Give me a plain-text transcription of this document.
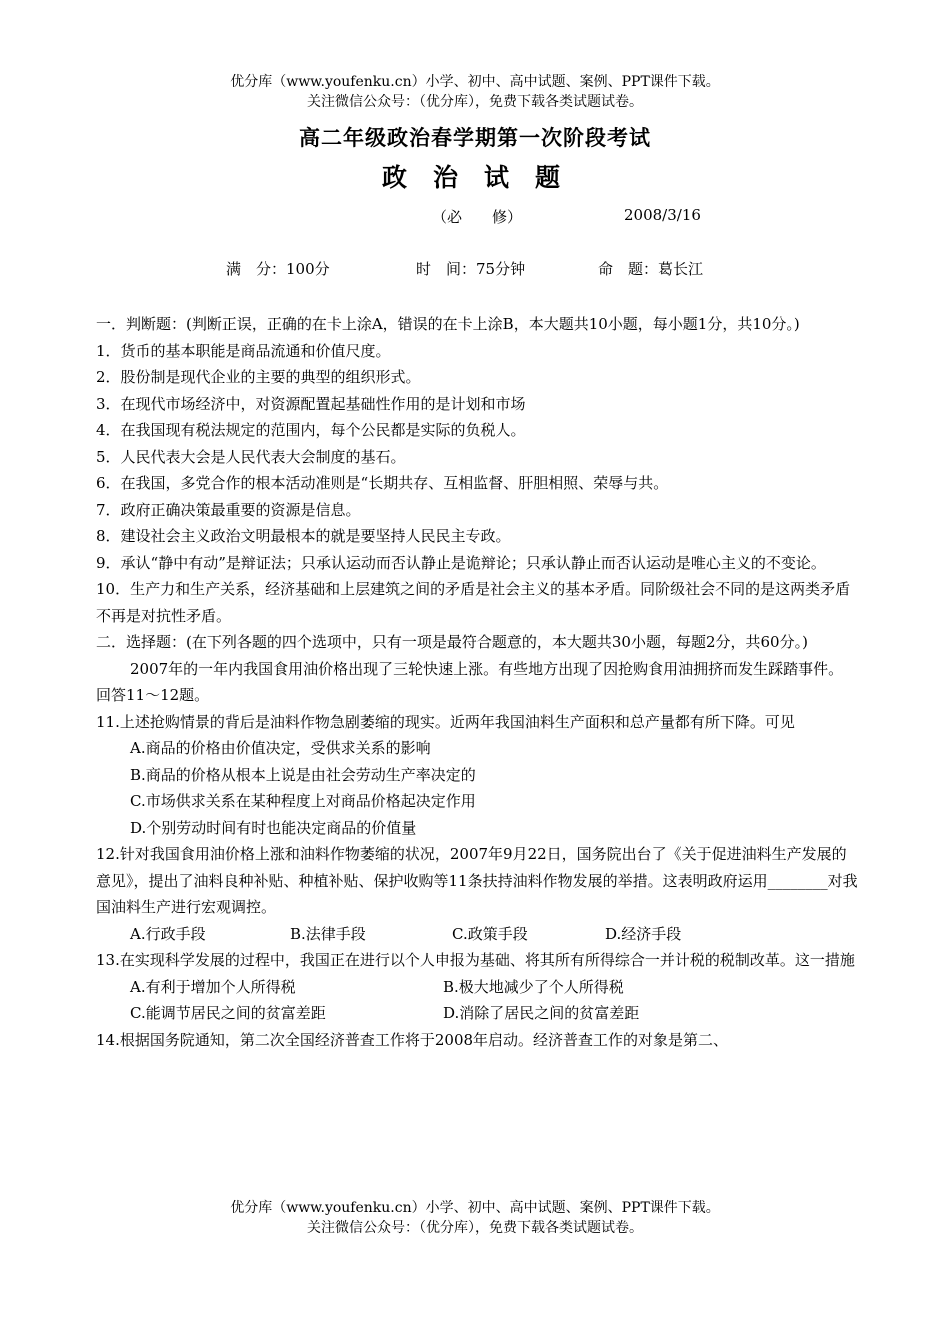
优分库（www.youfenku.cn）小学、初中、高中试题、案例、PPT课件下载。
关注微信公众号：（优分库），免费下载各类试题试卷。
高二年级政治春学期第一次阶段考试
政治试题
（必　　修）	2008/3/16
满　分：100分	时　间：75分钟	命　题：葛长江

一．判断题：(判断正误，正确的在卡上涂A，错误的在卡上涂B，本大题共10小题，每小题1分，共10分。)

1．货币的基本职能是商品流通和价值尺度。

2．股份制是现代企业的主要的典型的组织形式。

3．在现代市场经济中，对资源配置起基础性作用的是计划和市场

4．在我国现有税法规定的范围内，每个公民都是实际的负税人。

5．人民代表大会是人民代表大会制度的基石。

6．在我国，多党合作的根本活动准则是“长期共存、互相监督、肝胆相照、荣辱与共。

7．政府正确决策最重要的资源是信息。

8．建设社会主义政治文明最根本的就是要坚持人民民主专政。

9．承认“静中有动”是辩证法；只承认运动而否认静止是诡辩论；只承认静止而否认运动是唯心主义的不变论。

10．生产力和生产关系，经济基础和上层建筑之间的矛盾是社会主义的基本矛盾。同阶级社会不同的是这两类矛盾不再是对抗性矛盾。

二．选择题：(在下列各题的四个选项中，只有一项是最符合题意的，本大题共30小题，每题2分，共60分。)

2007年的一年内我国食用油价格出现了三轮快速上涨。有些地方出现了因抢购食用油拥挤而发生踩踏事件。回答11～12题。

11.上述抢购情景的背后是油料作物急剧萎缩的现实。近两年我国油料生产面积和总产量都有所下降。可见

A.商品的价格由价值决定，受供求关系的影响

B.商品的价格从根本上说是由社会劳动生产率决定的

C.市场供求关系在某种程度上对商品价格起决定作用

D.个别劳动时间有时也能决定商品的价值量

12.针对我国食用油价格上涨和油料作物萎缩的状况，2007年9月22日，国务院出台了《关于促进油料生产发展的意见》，提出了油料良种补贴、种植补贴、保护收购等11条扶持油料作物发展的举措。这表明政府运用________对我国油料生产进行宏观调控。

A.行政手段	B.法律手段	C.政策手段	D.经济手段

13.在实现科学发展的过程中，我国正在进行以个人申报为基础、将其所有所得综合一并计税的税制改革。这一措施

A.有利于增加个人所得税	B.极大地减少了个人所得税

C.能调节居民之间的贫富差距	D.消除了居民之间的贫富差距

14.根据国务院通知，第二次全国经济普查工作将于2008年启动。经济普查工作的对象是第二、

优分库（www.youfenku.cn）小学、初中、高中试题、案例、PPT课件下载。
关注微信公众号：（优分库），免费下载各类试题试卷。
